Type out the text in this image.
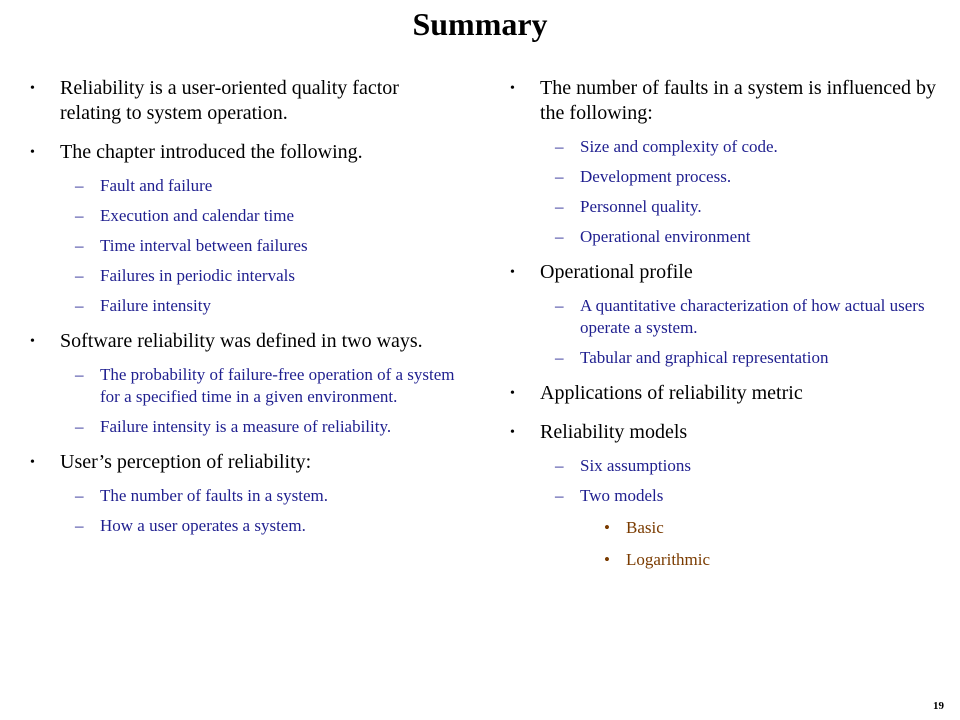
Summary
• Reliability is a user-oriented quality factor relating to system operation.
• The chapter introduced the following.
– Fault and failure
– Execution and calendar time
– Time interval between failures
– Failures in periodic intervals
– Failure intensity
• Software reliability was defined in two ways.
– The probability of failure-free operation of a system for a specified time in a given environment.
– Failure intensity is a measure of reliability.
• User’s perception of reliability:
– The number of faults in a system.
– How a user operates a system.
• The number of faults in a system is influenced by the following:
– Size and complexity of code.
– Development process.
– Personnel quality.
– Operational environment
• Operational profile
– A quantitative characterization of how actual users operate a system.
– Tabular and graphical representation
• Applications of reliability metric
• Reliability models
– Six assumptions
– Two models
• Basic
• Logarithmic
19
